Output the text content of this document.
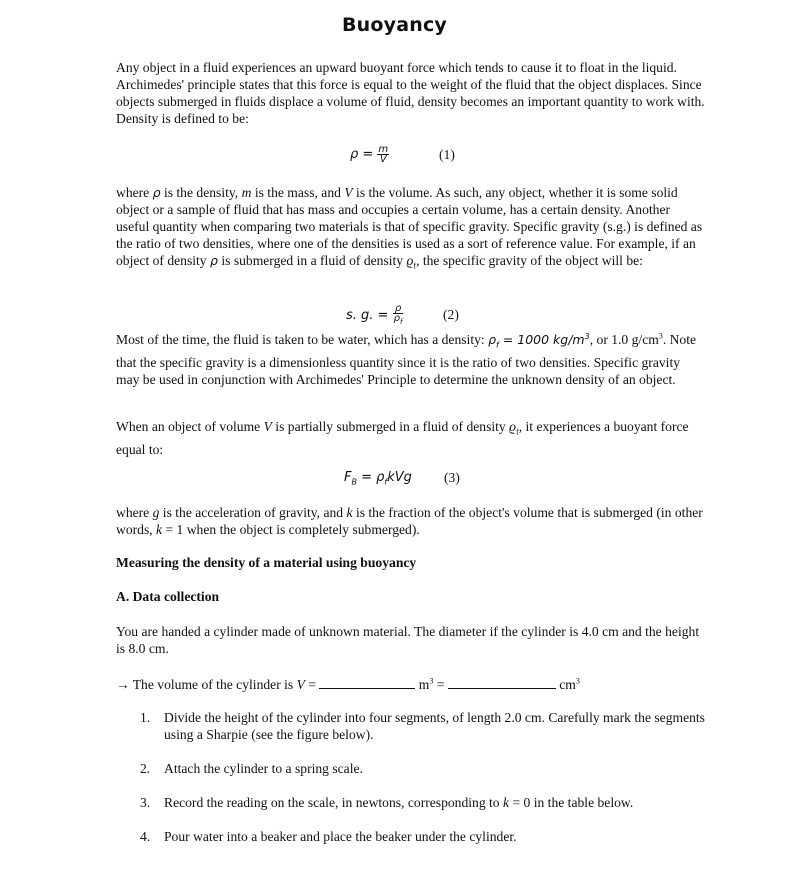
Buoyancy
Any object in a fluid experiences an upward buoyant force which tends to cause it to float in the liquid. Archimedes' principle states that this force is equal to the weight of the fluid that the object displaces. Since objects submerged in fluids displace a volume of fluid, density becomes an important quantity to work with. Density is defined to be:
$\rho = \frac{m}{V}$	(1)
where ρ is the density, m is the mass, and V is the volume. As such, any object, whether it is some solid object or a sample of fluid that has mass and occupies a certain volume, has a certain density. Another useful quantity when comparing two materials is that of specific gravity. Specific gravity (s.g.) is defined as the ratio of two densities, where one of the densities is used as a sort of reference value. For example, if an object of density ρ is submerged in a fluid of density $ϱ_f$, the specific gravity of the object will be:
s. g. = $\frac{\rho}{\rho_f}$	(2)
Most of the time, the fluid is taken to be water, which has a density: $\rho_f = 1000$ $kg/m^3$, or 1.0 $g/cm^3$. Note that the specific gravity is a dimensionless quantity since it is the ratio of two densities. Specific gravity may be used in conjunction with Archimedes' Principle to determine the unknown density of an object.
When an object of volume V is partially submerged in a fluid of density $ϱ_f$, it experiences a buoyant force equal to:
$F_B = \rho_fkVg$ (3)
where g is the acceleration of gravity, and k is the fraction of the object's volume that is submerged (in other words, k = 1 when the object is completely submerged).
Measuring the density of a material using buoyancy
A. Data collection
You are handed a cylinder made of unknown material. The diameter if the cylinder is 4.0 cm and the height is 8.0 cm.
→ The volume of the cylinder is V =	$m^3$ =	$cm^3$
1. Divide the height of the cylinder into four segments, of length 2.0 cm. Carefully mark the segments using a Sharpie (see the figure below).
2. Attach the cylinder to a spring scale.
3. Record the reading on the scale, in newtons, corresponding to k = 0 in the table below.
4. Pour water into a beaker and place the beaker under the cylinder.
